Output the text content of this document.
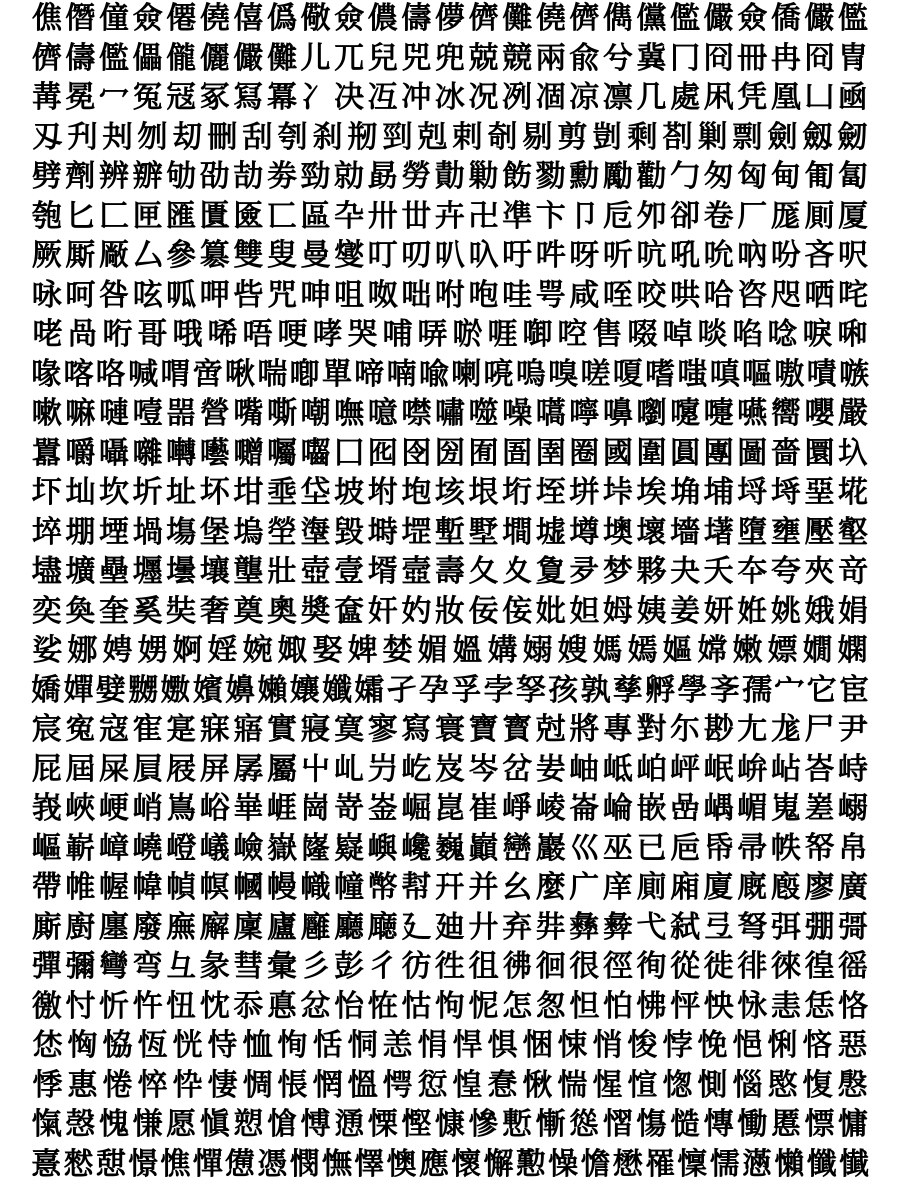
僬 僭 僮 僉 僊 僥 僖 僞 儆 僉 儂 儔 儚 儕 儺 僥 儕 儁 儻 儖 儼 僉 僑 儼 儖
儕 儔 儖 儡 儱 儷 儼 儺 儿 兀 兒 兕 兜 兢 競 兩 兪 兮 冀 冂 冏 冊 冉 冏 冑
冓 冕 冖 冤 冦 冢 冩 冪 冫 决 冱 冲 冰 况 冽 凅 凉 凛 几 處 凩 凭 凰 凵 凾
刄 刋 刔 刎 刧 刪 刮 刳 刹 剏 剄 剋 剌 剞 剔 剪 剴 剩 剳 剿 剽 劍 劔 劒
劈 劑 辨 辧 劬 劭 劼 劵 勁 勍 勗 勞 勣 勦 飭 勠 勳 勵 勸 勹 匆 匈 甸 匍 匐
匏 匕 匚 匣 匯 匱 匳 匸 區 卆 卅 丗 卉 卍 凖 卞 卩 卮 夘 卻 卷 厂 厖 厠 厦
厥 厮 厰 厶 參 簒 雙 叟 曼 燮 叮 叨 叭 叺 吁 吽 呀 听 吭 吼 吮 吶 吩 吝 呎
咏 呵 咎 呟 呱 呷 呰 咒 呻 咀 呶 咄 咐 咆 哇 咢 咸 咥 咬 哄 哈 咨 咫 哂 咤
咾 咼 哘 哥 哦 唏 唔 哽 哮 哭 哺 哢 唹 啀 啣 啌 售 啜 啅 啖 啗 唸 唳 啝
喙 喀 咯 喊 喟 啻 啾 喘 喞 單 啼 喃 喩 喇 喨 嗚 嗅 嗟 嗄 嗜 嗤 嗔 嘔 嗷 嘖 嗾
嗽 嘛 嗹 噎 噐 營 嘴 嘶 嘲 嘸 噫 噤 嘯 噬 噪 嚆 嚀 嚊 嚠 嚔 嚏 嚥 嚮 嚶 嚴
囂 嚼 囁 囃 囀 囈 囎 囑 囓 囗 囮 囹 圀 囿 圄 圉 圈 國 圍 圓 團 圖 嗇 圜 圦
圷 圸 坎 圻 址 坏 坩 埀 垈 坡 坿 垉 垓 垠 垳 垤 垪 垰 埃 埆 埔 埒 埓 堊 埖
埣 堋 堙 堝 塲 堡 塢 塋 塰 毀 塒 堽 塹 墅 墹 墟 墫 墺 壞 墻 墸 墮 壅 壓 壑
壗 壙 壘 壥 壜 壤 壟 壯 壺 壹 壻 壼 壽 夂 夊 夐 夛 梦 夥 夬 夭 夲 夸 夾 竒
奕 奐 奎 奚 奘 奢 奠 奧 奬 奩 奸 妁 妝 佞 侫 妣 妲 姆 姨 姜 妍 姙 姚 娥 娟
娑 娜 娉 娚 婀 婬 婉 娵 娶 婢 婪 媚 媼 媾 嫋 嫂 媽 嫣 嫗 嫦 嫩 嫖 嫺 嫻
嬌 嬋 嬖 嬲 嫐 嬪 嬶 嬾 孃 孅 孀 孑 孕 孚 孛 孥 孩 孰 孳 孵 學 斈 孺 宀 它 宦
宸 寃 寇 寉 寔 寐 寤 實 寢 寞 寥 寫 寰 寶 寳 尅 將 專 對 尓 尠 尢 尨 尸 尹
屁 屆 屎 屓 屐 屏 孱 屬 屮 乢 屶 屹 岌 岑 岔 妛 岫 岻 岶 岼 岷 峅 岾 峇 峙
峩 峽 峺 峭 嶌 峪 崋 崕 崗 嵜 崟 崛 崑 崔 崢 崚 崙 崘 嵌 嵒 嵎 嵋 嵬 嵳 嵶
嶇 嶄 嶂 嶢 嶝 嶬 嶮 嶽 嶐 嶷 嶼 巉 巍 巓 巒 巖 巛 巫 已 巵 帋 帚 帙 帑 帛
帶 帷 幄 幃 幀 幎 幗 幔 幟 幢 幤 幇 幵 并 幺 麼 广 庠 廁 廂 廈 廐 廏 廖 廣
廝 廚 廛 廢 廡 廨 廩 廬 廱 廳 廰 廴 廸 廾 弃 弉 彝 彜 弋 弑 弖 弩 弭 弸 彁
彈 彌 彎 弯 彑 彖 彗 彙 彡 彭 彳 彷 徃 徂 彿 徊 很 徑 徇 從 徙 徘 徠 徨 徭
徼 忖 忻 忤 忸 忱 忝 悳 忿 怡 恠 怙 怐 怩 怎 怱 怛 怕 怫 怦 怏 怺 恚 恁 恪
恷 恟 恊 恆 恍 恃 恤 恂 恬 恫 恙 悁 悍 惧 悃 悚 悄 悛 悖 悗 悒 悧 悋 惡
悸 惠 惓 悴 忰 悽 惆 悵 惘 慍 愕 愆 惶 惷 愀 惴 惺 愃 愡 惻 惱 愍 愎 慇
愾 愨 愧 慊 愿 愼 愬 愴 愽 慂 慄 慳 慷 慘 慙 慚 慫 慴 慯 慥 慱 慟 慝 慓 慵
憙 憖 憇 憬 憔 憚 憊 憑 憫 憮 懌 懊 應 懷 懈 懃 懆 憺 懋 罹 懍 懦 懣 懶 懺 懴
